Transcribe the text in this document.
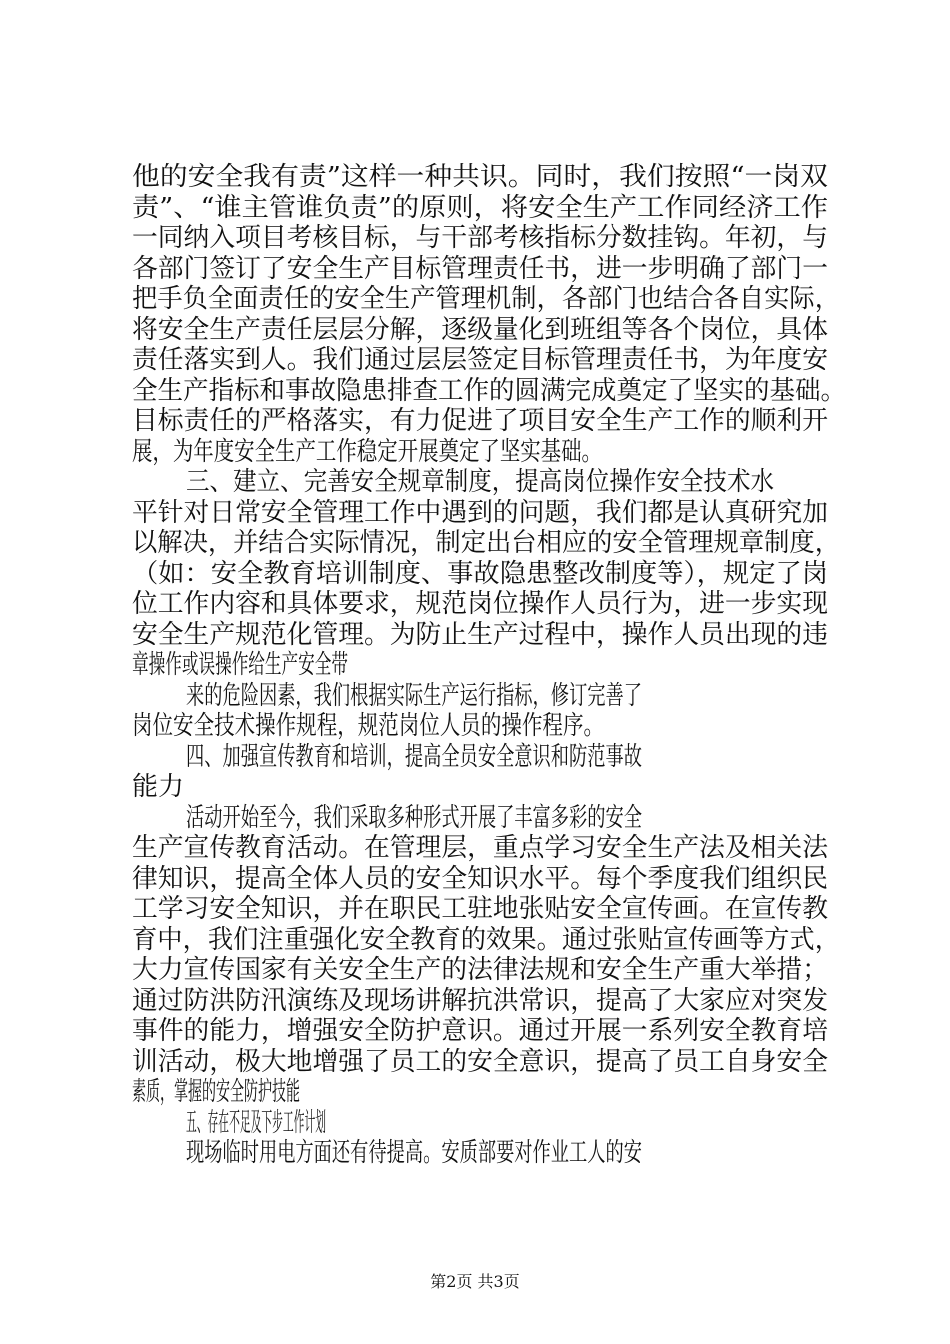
他的安全我有责”这样一种共识。同时，我们按照“一岗双
责”、“谁主管谁负责”的原则，将安全生产工作同经济工作
一同纳入项目考核目标，与干部考核指标分数挂钩。年初，与
各部门签订了安全生产目标管理责任书，进一步明确了部门一
把手负全面责任的安全生产管理机制，各部门也结合各自实际，
将安全生产责任层层分解，逐级量化到班组等各个岗位，具体
责任落实到人。我们通过层层签定目标管理责任书，为年度安
全生产指标和事故隐患排查工作的圆满完成奠定了坚实的基础。
目标责任的严格落实，有力促进了项目安全生产工作的顺利开
展，为年度安全生产工作稳定开展奠定了坚实基础。
三、建立、完善安全规章制度，提高岗位操作安全技术水
平针对日常安全管理工作中遇到的问题，我们都是认真研究加
以解决，并结合实际情况，制定出台相应的安全管理规章制度，
（如：安全教育培训制度、事故隐患整改制度等），规定了岗
位工作内容和具体要求，规范岗位操作人员行为，进一步实现
安全生产规范化管理。为防止生产过程中，操作人员出现的违
章操作或误操作给生产安全带
来的危险因素，我们根据实际生产运行指标，修订完善了
岗位安全技术操作规程，规范岗位人员的操作程序。
四、加强宣传教育和培训，提高全员安全意识和防范事故
能力
活动开始至今，我们采取多种形式开展了丰富多彩的安全
生产宣传教育活动。在管理层，重点学习安全生产法及相关法
律知识，提高全体人员的安全知识水平。每个季度我们组织民
工学习安全知识，并在职民工驻地张贴安全宣传画。在宣传教
育中，我们注重强化安全教育的效果。通过张贴宣传画等方式，
大力宣传国家有关安全生产的法律法规和安全生产重大举措；
通过防洪防汛演练及现场讲解抗洪常识，提高了大家应对突发
事件的能力，增强安全防护意识。通过开展一系列安全教育培
训活动，极大地增强了员工的安全意识，提高了员工自身安全
素质，掌握的安全防护技能
五、存在不足及下步工作计划
现场临时用电方面还有待提高。安质部要对作业工人的安
第2页 共3页
